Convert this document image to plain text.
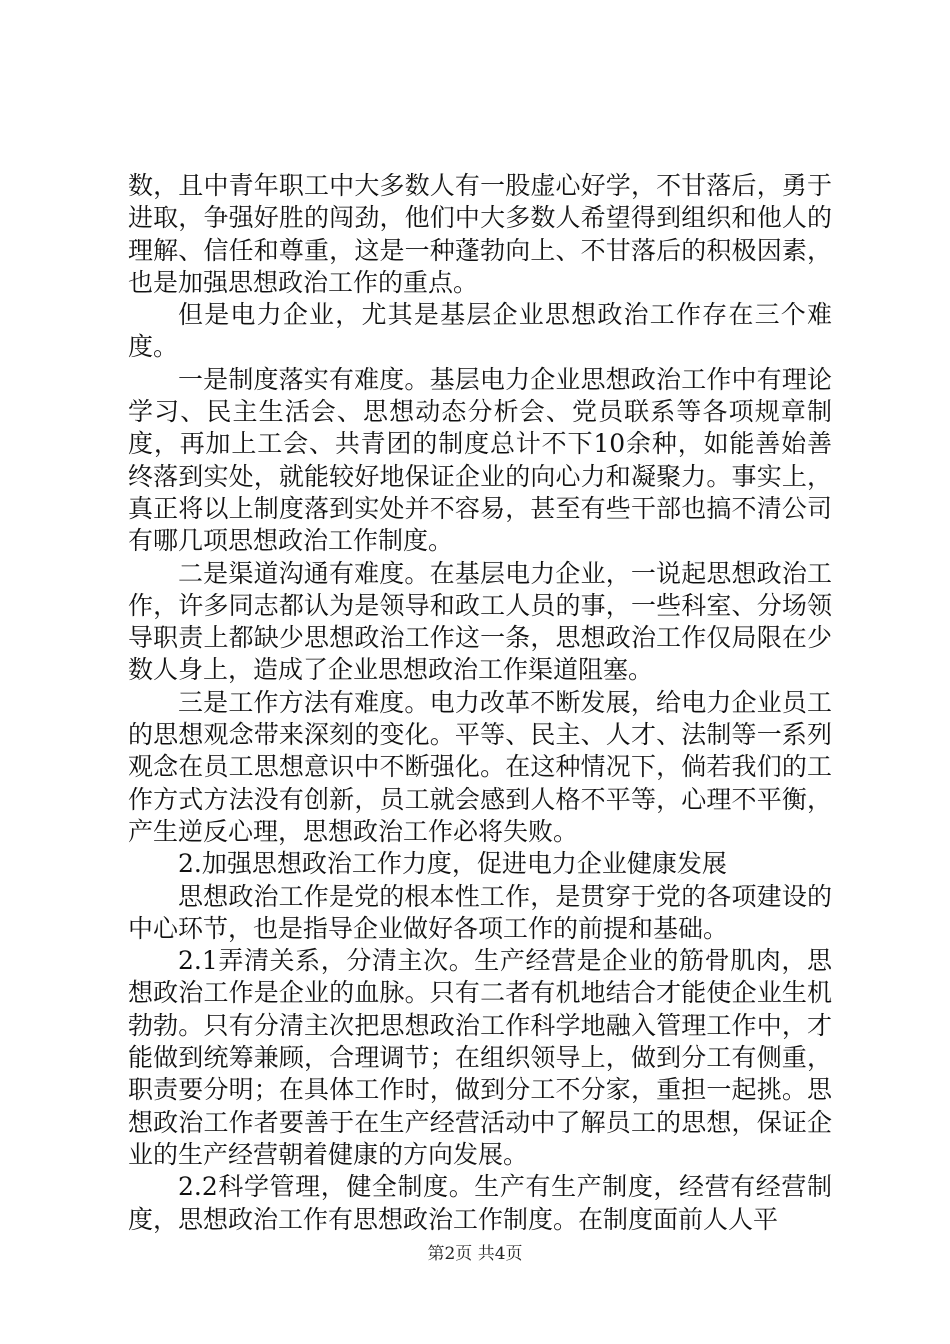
数，且中青年职工中大多数人有一股虚心好学，不甘落后，勇于进取，争强好胜的闯劲，他们中大多数人希望得到组织和他人的理解、信任和尊重，这是一种蓬勃向上、不甘落后的积极因素，也是加强思想政治工作的重点。

但是电力企业，尤其是基层企业思想政治工作存在三个难度。

一是制度落实有难度。基层电力企业思想政治工作中有理论学习、民主生活会、思想动态分析会、党员联系等各项规章制度，再加上工会、共青团的制度总计不下10余种，如能善始善终落到实处，就能较好地保证企业的向心力和凝聚力。事实上，真正将以上制度落到实处并不容易，甚至有些干部也搞不清公司有哪几项思想政治工作制度。

二是渠道沟通有难度。在基层电力企业，一说起思想政治工作，许多同志都认为是领导和政工人员的事，一些科室、分场领导职责上都缺少思想政治工作这一条，思想政治工作仅局限在少数人身上，造成了企业思想政治工作渠道阻塞。

三是工作方法有难度。电力改革不断发展，给电力企业员工的思想观念带来深刻的变化。平等、民主、人才、法制等一系列观念在员工思想意识中不断强化。在这种情况下，倘若我们的工作方式方法没有创新，员工就会感到人格不平等，心理不平衡，产生逆反心理，思想政治工作必将失败。

2.加强思想政治工作力度，促进电力企业健康发展

思想政治工作是党的根本性工作，是贯穿于党的各项建设的中心环节，也是指导企业做好各项工作的前提和基础。

2.1弄清关系，分清主次。生产经营是企业的筋骨肌肉，思想政治工作是企业的血脉。只有二者有机地结合才能使企业生机勃勃。只有分清主次把思想政治工作科学地融入管理工作中，才能做到统筹兼顾，合理调节；在组织领导上，做到分工有侧重，职责要分明；在具体工作时，做到分工不分家，重担一起挑。思想政治工作者要善于在生产经营活动中了解员工的思想，保证企业的生产经营朝着健康的方向发展。

2.2科学管理，健全制度。生产有生产制度，经营有经营制度，思想政治工作有思想政治工作制度。在制度面前人人平

第2页 共4页
